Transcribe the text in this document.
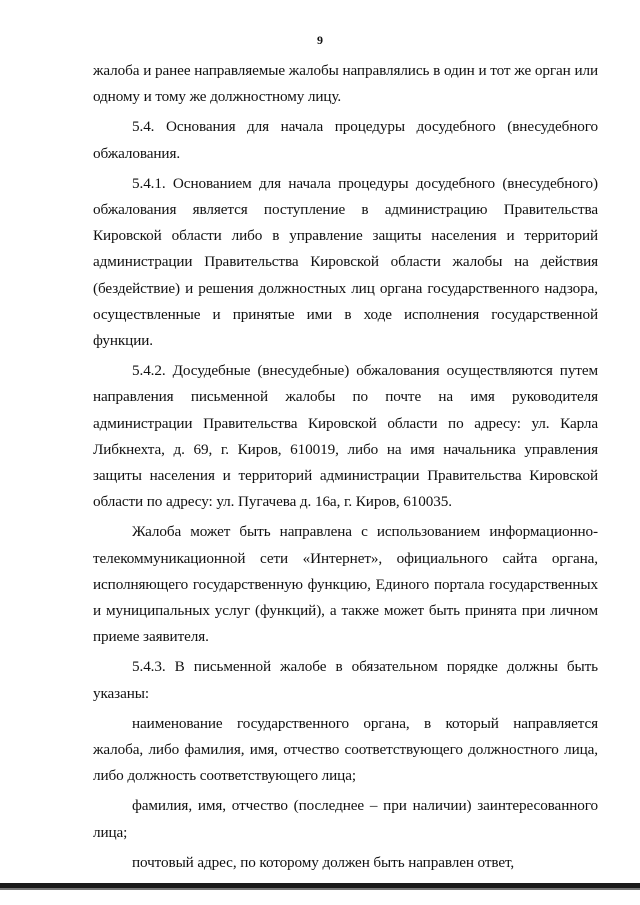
9

жалоба и ранее направляемые жалобы направлялись в один и тот же орган или одному и тому же должностному лицу.

5.4. Основания для начала процедуры досудебного (внесудебного обжалования.

5.4.1. Основанием для начала процедуры досудебного (внесудебного) обжалования является поступление в администрацию Правительства Кировской области либо в управление защиты населения и территорий администрации Правительства Кировской области жалобы на действия (бездействие) и решения должностных лиц органа государственного надзора, осуществленные и принятые ими в ходе исполнения государственной функции.

5.4.2. Досудебные (внесудебные) обжалования осуществляются путем направления письменной жалобы по почте на имя руководителя администрации Правительства Кировской области по адресу: ул. Карла Либкнехта, д. 69, г. Киров, 610019, либо на имя начальника управления защиты населения и территорий администрации Правительства Кировской области по адресу: ул. Пугачева д. 16а, г. Киров, 610035.

Жалоба может быть направлена с использованием информационно-телекоммуникационной сети «Интернет», официального сайта органа, исполняющего государственную функцию, Единого портала государственных и муниципальных услуг (функций), а также может быть принята при личном приеме заявителя.

5.4.3. В письменной жалобе в обязательном порядке должны быть указаны:

наименование государственного органа, в который направляется жалоба, либо фамилия, имя, отчество соответствующего должностного лица, либо должность соответствующего лица;

фамилия, имя, отчество (последнее – при наличии) заинтересованного лица;

почтовый адрес, по которому должен быть направлен ответ,
